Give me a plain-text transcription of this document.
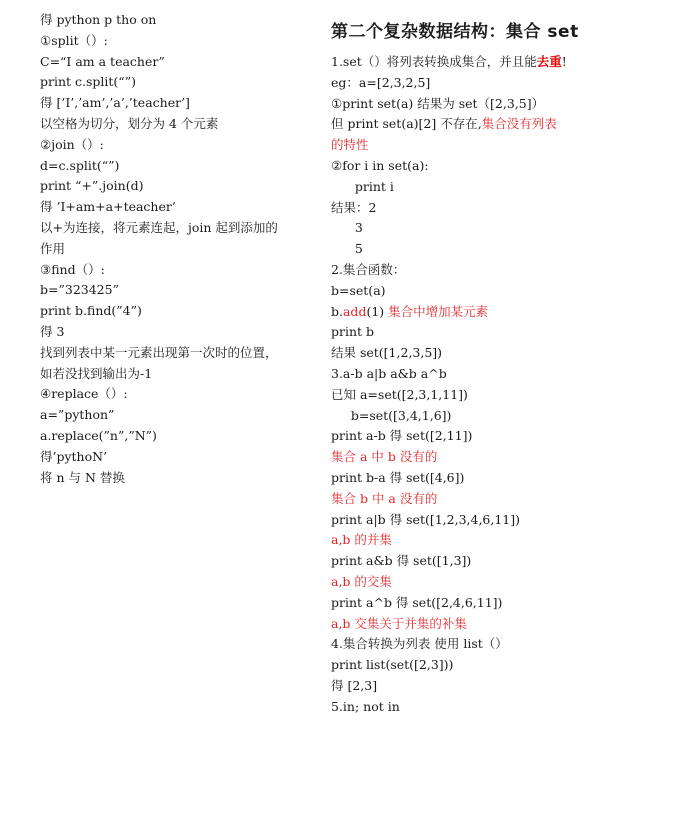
得 python p tho on
①split（）:
C=“I am a teacher”
print c.split(“”)
得 [’I’,’am’,’a’,’teacher’]
以空格为切分，划分为 4 个元素
②join（）:
d=c.split(“”)
print “+”.join(d)
得 ’I+am+a+teacher’
以+为连接，将元素连起，join 起到添加的
作用
③find（）:
b=”323425”
print b.find(”4”)
得 3
找到列表中某一元素出现第一次时的位置，
如若没找到输出为-1
④replace（）:
a=”python”
a.replace(”n”,”N”)
得’pythoN’
将 n 与 N 替换
第二个复杂数据结构：集合 set
1.set（）将列表转换成集合，并且能去重!
eg：a=[2,3,2,5]
①print set(a) 结果为 set（[2,3,5]）
但 print set(a)[2] 不存在,集合没有列表
的特性
②for i in set(a):
print i
结果：2
3
5
2.集合函数：
b=set(a)
b.add(1) 集合中增加某元素
print b
结果 set([1,2,3,5])
3.a-b a|b a&b a^b
已知 a=set([2,3,1,11])
b=set([3,4,1,6])
print a-b 得 set([2,11])
集合 a 中 b 没有的
print b-a 得 set([4,6])
集合 b 中 a 没有的
print a|b 得 set([1,2,3,4,6,11])
a,b 的并集
print a&b 得 set([1,3])
a,b 的交集
print a^b 得 set([2,4,6,11])
a,b 交集关于并集的补集
4.集合转换为列表 使用 list（）
print list(set([2,3]))
得 [2,3]
5.in; not in
